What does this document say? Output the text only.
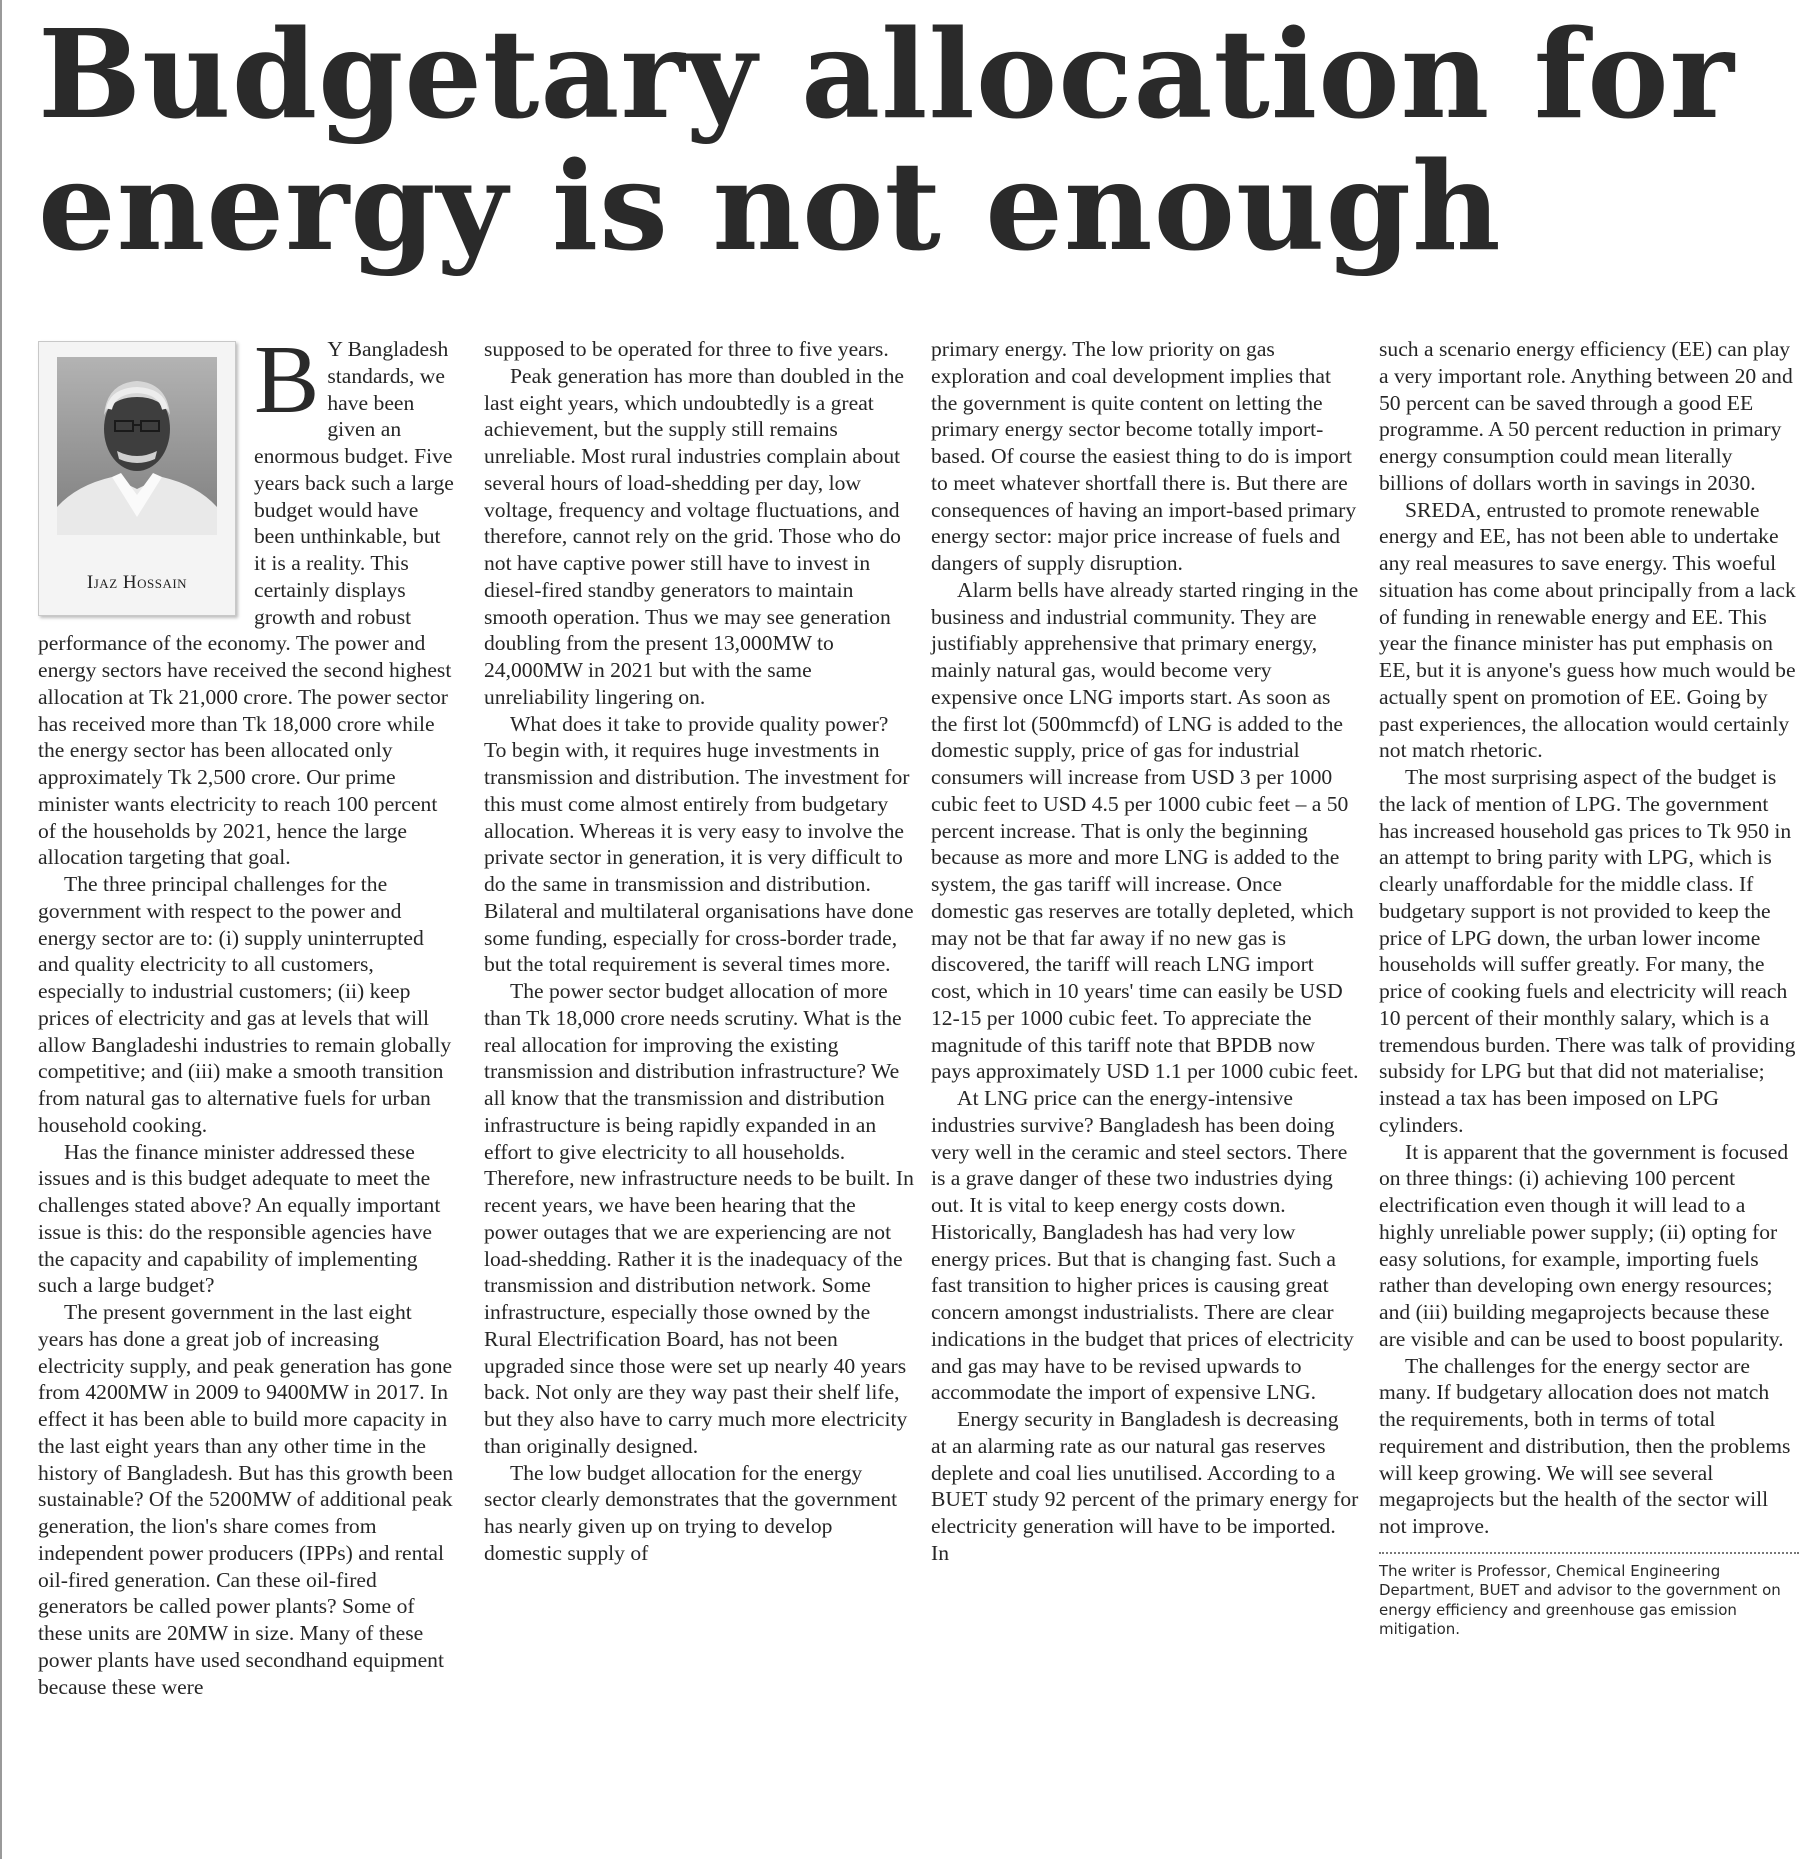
Budgetary allocation for energy is not enough
Ijaz Hossain
B Y Bangladesh standards, we have been given an enormous budget. Five years back such a large budget would have been unthinkable, but it is a reality. This certainly displays growth and robust performance of the economy. The power and energy sectors have received the second highest allocation at Tk 21,000 crore. The power sector has received more than Tk 18,000 crore while the energy sector has been allocated only approximately Tk 2,500 crore. Our prime minister wants electricity to reach 100 percent of the households by 2021, hence the large allocation targeting that goal.

The three principal challenges for the government with respect to the power and energy sector are to: (i) supply uninterrupted and quality electricity to all customers, especially to industrial customers; (ii) keep prices of electricity and gas at levels that will allow Bangladeshi industries to remain globally competitive; and (iii) make a smooth transition from natural gas to alternative fuels for urban household cooking.

Has the finance minister addressed these issues and is this budget adequate to meet the challenges stated above? An equally important issue is this: do the responsible agencies have the capacity and capability of implementing such a large budget?

The present government in the last eight years has done a great job of increasing electricity supply, and peak generation has gone from 4200MW in 2009 to 9400MW in 2017. In effect it has been able to build more capacity in the last eight years than any other time in the history of Bangladesh. But has this growth been sustainable? Of the 5200MW of additional peak generation, the lion's share comes from independent power producers (IPPs) and rental oil-fired generation. Can these oil-fired generators be called power plants? Some of these units are 20MW in size. Many of these power plants have used secondhand equipment because these were

supposed to be operated for three to five years.

Peak generation has more than doubled in the last eight years, which undoubtedly is a great achievement, but the supply still remains unreliable. Most rural industries complain about several hours of load-shedding per day, low voltage, frequency and voltage fluctuations, and therefore, cannot rely on the grid. Those who do not have captive power still have to invest in diesel-fired standby generators to maintain smooth operation. Thus we may see generation doubling from the present 13,000MW to 24,000MW in 2021 but with the same unreliability lingering on.

What does it take to provide quality power? To begin with, it requires huge investments in transmission and distribution. The investment for this must come almost entirely from budgetary allocation. Whereas it is very easy to involve the private sector in generation, it is very difficult to do the same in transmission and distribution. Bilateral and multilateral organisations have done some funding, especially for cross-border trade, but the total requirement is several times more.

The power sector budget allocation of more than Tk 18,000 crore needs scrutiny. What is the real allocation for improving the existing transmission and distribution infrastructure? We all know that the transmission and distribution infrastructure is being rapidly expanded in an effort to give electricity to all households. Therefore, new infrastructure needs to be built. In recent years, we have been hearing that the power outages that we are experiencing are not load-shedding. Rather it is the inadequacy of the transmission and distribution network. Some infrastructure, especially those owned by the Rural Electrification Board, has not been upgraded since those were set up nearly 40 years back. Not only are they way past their shelf life, but they also have to carry much more electricity than originally designed.

The low budget allocation for the energy sector clearly demonstrates that the government has nearly given up on trying to develop domestic supply of

primary energy. The low priority on gas exploration and coal development implies that the government is quite content on letting the primary energy sector become totally import-based. Of course the easiest thing to do is import to meet whatever shortfall there is. But there are consequences of having an import-based primary energy sector: major price increase of fuels and dangers of supply disruption.

Alarm bells have already started ringing in the business and industrial community. They are justifiably apprehensive that primary energy, mainly natural gas, would become very expensive once LNG imports start. As soon as the first lot (500mmcfd) of LNG is added to the domestic supply, price of gas for industrial consumers will increase from USD 3 per 1000 cubic feet to USD 4.5 per 1000 cubic feet – a 50 percent increase. That is only the beginning because as more and more LNG is added to the system, the gas tariff will increase. Once domestic gas reserves are totally depleted, which may not be that far away if no new gas is discovered, the tariff will reach LNG import cost, which in 10 years' time can easily be USD 12-15 per 1000 cubic feet. To appreciate the magnitude of this tariff note that BPDB now pays approximately USD 1.1 per 1000 cubic feet.

At LNG price can the energy-intensive industries survive? Bangladesh has been doing very well in the ceramic and steel sectors. There is a grave danger of these two industries dying out. It is vital to keep energy costs down. Historically, Bangladesh has had very low energy prices. But that is changing fast. Such a fast transition to higher prices is causing great concern amongst industrialists. There are clear indications in the budget that prices of electricity and gas may have to be revised upwards to accommodate the import of expensive LNG.

Energy security in Bangladesh is decreasing at an alarming rate as our natural gas reserves deplete and coal lies unutilised. According to a BUET study 92 percent of the primary energy for electricity generation will have to be imported. In

such a scenario energy efficiency (EE) can play a very important role. Anything between 20 and 50 percent can be saved through a good EE programme. A 50 percent reduction in primary energy consumption could mean literally billions of dollars worth in savings in 2030.

SREDA, entrusted to promote renewable energy and EE, has not been able to undertake any real measures to save energy. This woeful situation has come about principally from a lack of funding in renewable energy and EE. This year the finance minister has put emphasis on EE, but it is anyone's guess how much would be actually spent on promotion of EE. Going by past experiences, the allocation would certainly not match rhetoric.

The most surprising aspect of the budget is the lack of mention of LPG. The government has increased household gas prices to Tk 950 in an attempt to bring parity with LPG, which is clearly unaffordable for the middle class. If budgetary support is not provided to keep the price of LPG down, the urban lower income households will suffer greatly. For many, the price of cooking fuels and electricity will reach 10 percent of their monthly salary, which is a tremendous burden. There was talk of providing subsidy for LPG but that did not materialise; instead a tax has been imposed on LPG cylinders.

It is apparent that the government is focused on three things: (i) achieving 100 percent electrification even though it will lead to a highly unreliable power supply; (ii) opting for easy solutions, for example, importing fuels rather than developing own energy resources; and (iii) building megaprojects because these are visible and can be used to boost popularity.

The challenges for the energy sector are many. If budgetary allocation does not match the requirements, both in terms of total requirement and distribution, then the problems will keep growing. We will see several megaprojects but the health of the sector will not improve.

The writer is Professor, Chemical Engineering Department, BUET and advisor to the government on energy efficiency and greenhouse gas emission mitigation.
